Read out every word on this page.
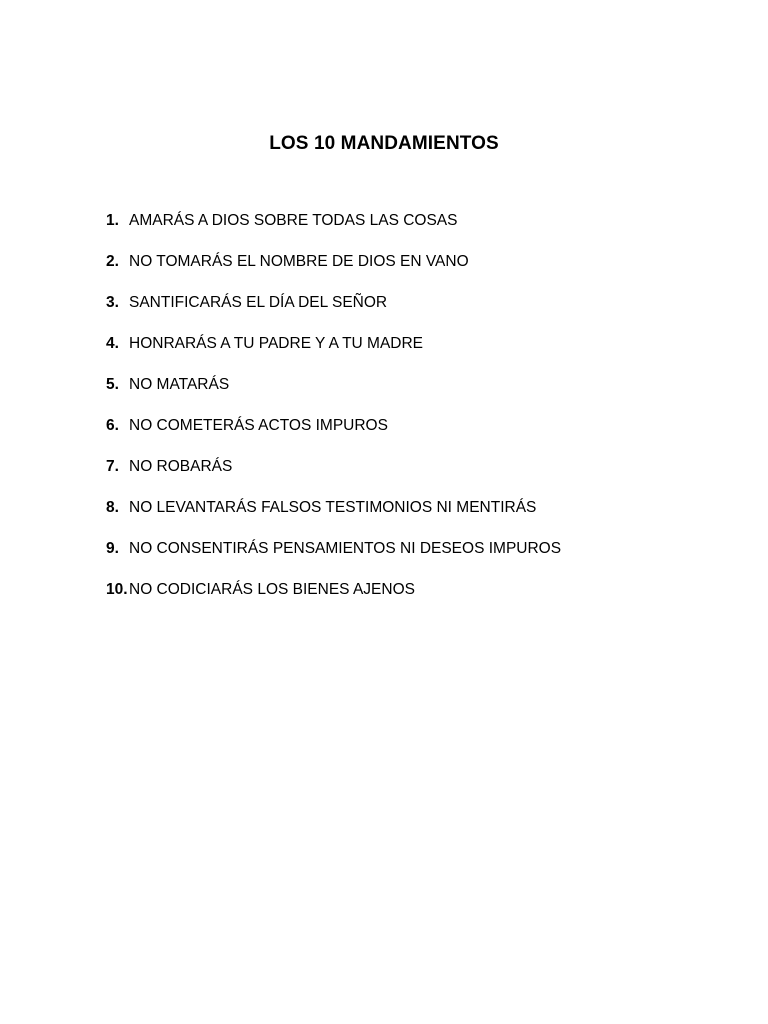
LOS 10 MANDAMIENTOS
1. AMARÁS A DIOS SOBRE TODAS LAS COSAS
2. NO TOMARÁS EL NOMBRE DE DIOS EN VANO
3. SANTIFICARÁS EL DÍA DEL SEÑOR
4. HONRARÁS A TU PADRE Y A TU MADRE
5. NO MATARÁS
6. NO COMETERÁS ACTOS IMPUROS
7. NO ROBARÁS
8. NO LEVANTARÁS FALSOS TESTIMONIOS NI MENTIRÁS
9. NO CONSENTIRÁS PENSAMIENTOS NI DESEOS IMPUROS
10. NO CODICIARÁS LOS BIENES AJENOS
